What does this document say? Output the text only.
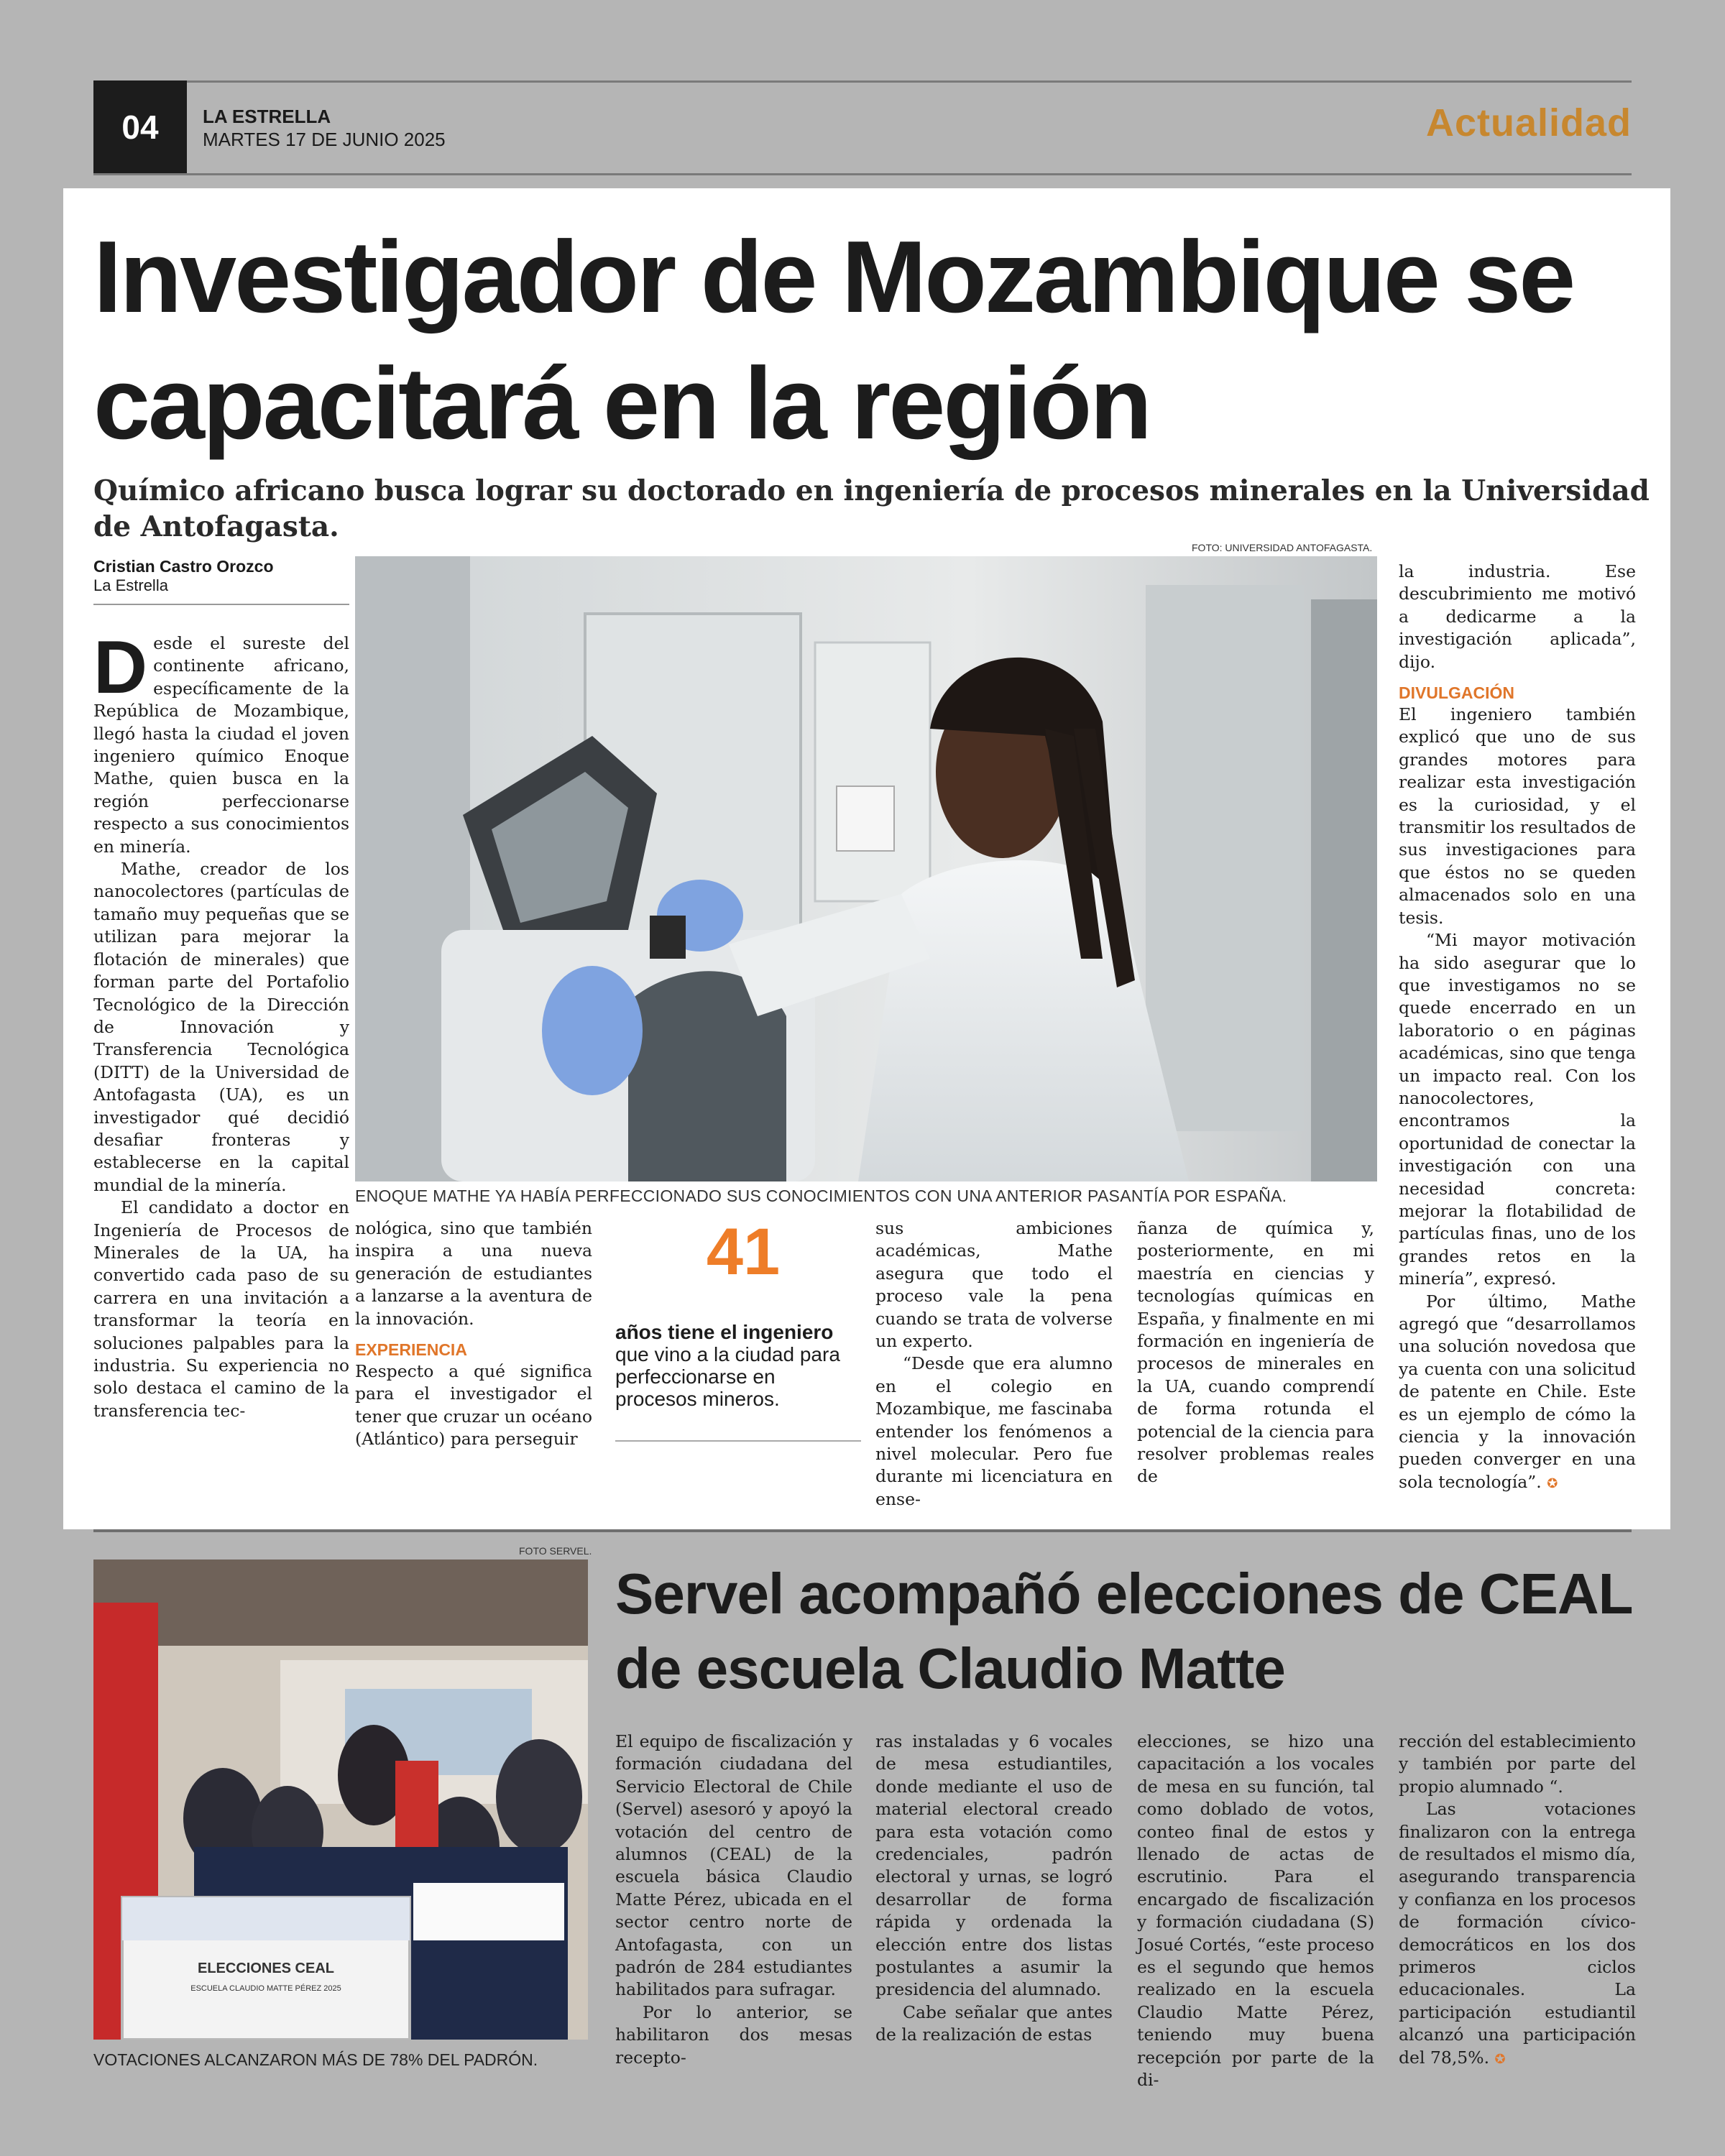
04	LA ESTRELLA
MARTES 17 DE JUNIO 2025	Actualidad
Investigador de Mozambique se capacitará en la región
Químico africano busca lograr su doctorado en ingeniería de procesos minerales en la Universidad de Antofagasta.
FOTO: UNIVERSIDAD ANTOFAGASTA.
Cristian Castro Orozco
La Estrella
ENOQUE MATHE YA HABÍA PERFECCIONADO SUS CONOCIMIENTOS CON UNA ANTERIOR PASANTÍA POR ESPAÑA.

Desde el sureste del continente africano, específicamente de la República de Mozambique, llegó hasta la ciudad el joven ingeniero químico Enoque Mathe, quien busca en la región perfeccionarse respecto a sus conocimientos en minería.

Mathe, creador de los nanocolectores (partículas de tamaño muy pequeñas que se utilizan para mejorar la flotación de minerales) que forman parte del Portafolio Tecnológico de la Dirección de Innovación y Transferencia Tecnológica (DITT) de la Universidad de Antofagasta (UA), es un investigador qué decidió desafiar fronteras y establecerse en la capital mundial de la minería.

El candidato a doctor en Ingeniería de Procesos de Minerales de la UA, ha convertido cada paso de su carrera en una invitación a transformar la teoría en soluciones palpables para la industria. Su experiencia no solo destaca el camino de la transferencia tec-

nológica, sino que también inspira a una nueva generación de estudiantes a lanzarse a la aventura de la innovación.

EXPERIENCIA

Respecto a qué significa para el investigador el tener que cruzar un océano (Atlántico) para perseguir

41
años tiene el ingeniero que vino a la ciudad para perfeccionarse en procesos mineros.

sus ambiciones académicas, Mathe asegura que todo el proceso vale la pena cuando se trata de volverse un experto.

“Desde que era alumno en el colegio en Mozambique, me fascinaba entender los fenómenos a nivel molecular. Pero fue durante mi licenciatura en ense-

ñanza de química y, posteriormente, en mi maestría en ciencias y tecnologías químicas en España, y finalmente en mi formación en ingeniería de procesos de minerales en la UA, cuando comprendí de forma rotunda el potencial de la ciencia para resolver problemas reales de

la industria. Ese descubrimiento me motivó a dedicarme a la investigación aplicada”, dijo.

DIVULGACIÓN

El ingeniero también explicó que uno de sus grandes motores para realizar esta investigación es la curiosidad, y el transmitir los resultados de sus investigaciones para que éstos no se queden almacenados solo en una tesis.

“Mi mayor motivación ha sido asegurar que lo que investigamos no se quede encerrado en un laboratorio o en páginas académicas, sino que tenga un impacto real. Con los nanocolectores, encontramos la oportunidad de conectar la investigación con una necesidad concreta: mejorar la flotabilidad de partículas finas, uno de los grandes retos en la minería”, expresó.

Por último, Mathe agregó que “desarrollamos una solución novedosa que ya cuenta con una solicitud de patente en Chile. Este es un ejemplo de cómo la ciencia y la innovación pueden converger en una sola tecnología”. ✪

FOTO SERVEL.
ELECCIONES CEAL
ESCUELA CLAUDIO MATTE PÉREZ 2025
VOTACIONES ALCANZARON MÁS DE 78% DEL PADRÓN.
Servel acompañó elecciones de CEAL de escuela Claudio Matte

El equipo de fiscalización y formación ciudadana del Servicio Electoral de Chile (Servel) asesoró y apoyó la votación del centro de alumnos (CEAL) de la escuela básica Claudio Matte Pérez, ubicada en el sector centro norte de Antofagasta, con un padrón de 284 estudiantes habilitados para sufragar.

Por lo anterior, se habilitaron dos mesas recepto-

ras instaladas y 6 vocales de mesa estudiantiles, donde mediante el uso de material electoral creado para esta votación como credenciales, padrón electoral y urnas, se logró desarrollar de forma rápida y ordenada la elección entre dos listas postulantes a asumir la presidencia del alumnado.

Cabe señalar que antes de la realización de estas

elecciones, se hizo una capacitación a los vocales de mesa en su función, tal como doblado de votos, conteo final de estos y llenado de actas de escrutinio. Para el encargado de fiscalización y formación ciudadana (S) Josué Cortés, “este proceso es el segundo que hemos realizado en la escuela Claudio Matte Pérez, teniendo muy buena recepción por parte de la di-

rección del establecimiento y también por parte del propio alumnado “.

Las votaciones finalizaron con la entrega de resultados el mismo día, asegurando transparencia y confianza en los procesos de formación cívico-democráticos en los dos primeros ciclos educacionales. La participación estudiantil alcanzó una participación del 78,5%. ✪
